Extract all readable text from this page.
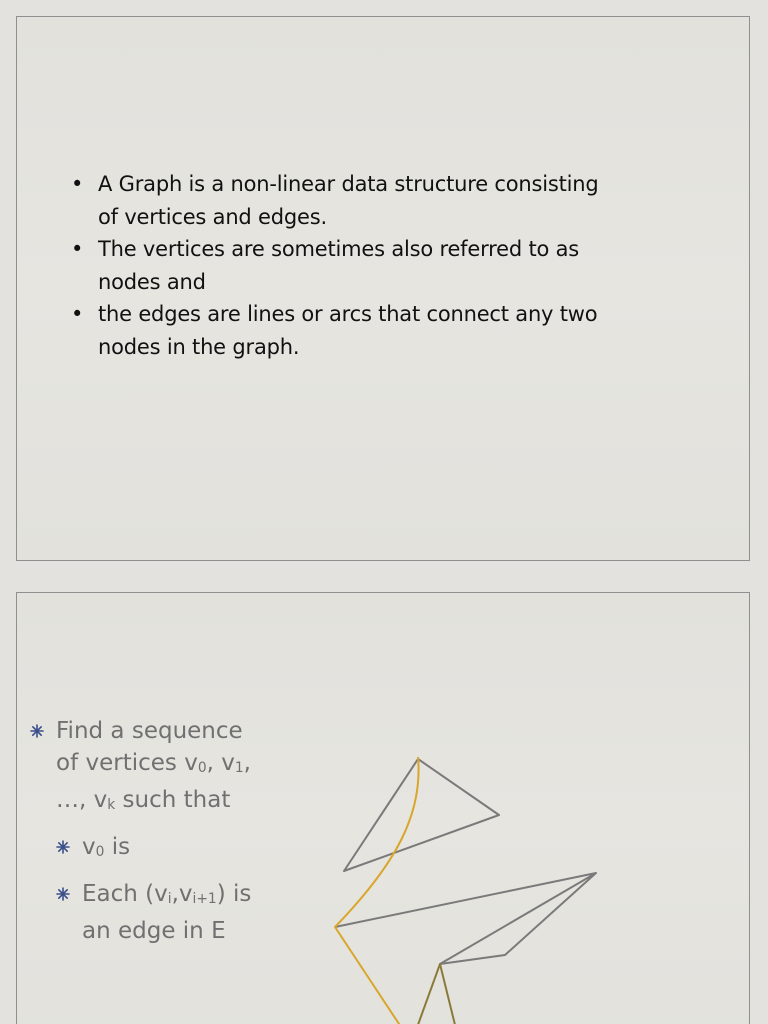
• A Graph is a non-linear data structure consisting of vertices and edges.
• The vertices are sometimes also referred to as nodes and
• the edges are lines or arcs that connect any two nodes in the graph.
Find a sequence of vertices $v_0$, $v_1$, …, $v_k$ such that
$v_0$ is
Each $(v_i,v_{i+1})$ is an edge in E
